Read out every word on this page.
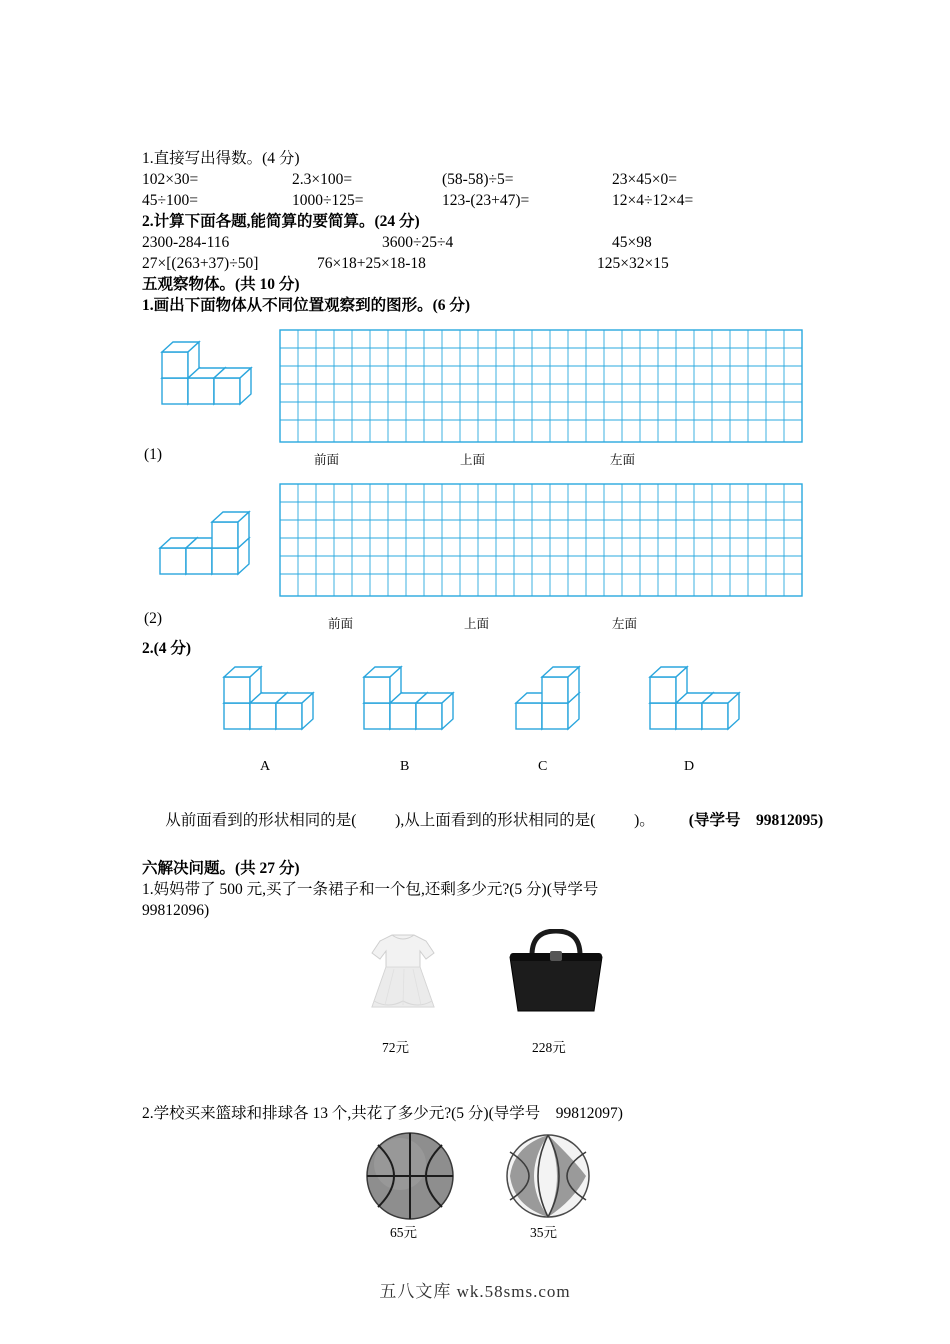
1.直接写出得数。(4 分)
102×30=	2.3×100=	(58-58)÷5=	23×45×0=
45÷100=	1000÷125=	123-(23+47)=	12×4÷12×4=
2.计算下面各题,能简算的要简算。(24 分)
2300-284-116	3600÷25÷4	45×98
27×[(263+37)÷50]	76×18+25×18-18	125×32×15
五观察物体。(共 10 分)
1.画出下面物体从不同位置观察到的图形。(6 分)
(1)	前面	上面	左面
(2)	前面	上面	左面
2.(4 分)
A	B	C	D

从前面看到的形状相同的是(          ),从上面看到的形状相同的是(          )。 (导学号　99812095)

六解决问题。(共 27 分)
1.妈妈带了 500 元,买了一条裙子和一个包,还剩多少元?(5 分)(导学号
99812096)
72元	228元
2.学校买来篮球和排球各 13 个,共花了多少元?(5 分)(导学号　99812097)
65元	35元
五八文库 wk.58sms.com
